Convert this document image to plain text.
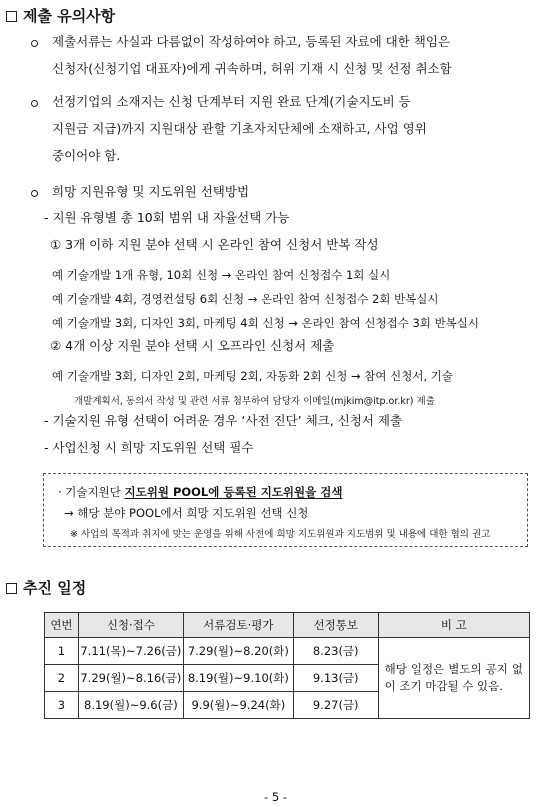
제출 유의사항
제출서류는 사실과 다름없이 작성하여야 하고, 등록된 자료에 대한 책임은
신청자(신청기업 대표자)에게 귀속하며, 허위 기재 시 신청 및 선정 취소함
선정기업의 소재지는 신청 단계부터 지원 완료 단계(기술지도비 등
지원금 지급)까지 지원대상 관할 기초자치단체에 소재하고, 사업 영위
중이어야 함.
희망 지원유형 및 지도위원 선택방법
- 지원 유형별 총 10회 범위 내 자율선택 가능
① 3개 이하 지원 분야 선택 시 온라인 참여 신청서 반복 작성
예 기술개발 1개 유형, 10회 신청 → 온라인 참여 신청접수 1회 실시
예 기술개발 4회, 경영컨설팅 6회 신청 → 온라인 참여 신청접수 2회 반복실시
예 기술개발 3회, 디자인 3회, 마케팅 4회 신청 → 온라인 참여 신청접수 3회 반복실시
② 4개 이상 지원 분야 선택 시 오프라인 신청서 제출
예 기술개발 3회, 디자인 2회, 마케팅 2회, 자동화 2회 신청 → 참여 신청서, 기술
개발계획서, 동의서 작성 및 관련 서류 첨부하여 담당자 이메일(mjkim@itp.or.kr) 제출
- 기술지원 유형 선택이 어려운 경우 ‘사전 진단’ 체크, 신청서 제출
- 사업신청 시 희망 지도위원 선택 필수
· 기술지원단 지도위원 POOL에 등록된 지도위원을 검색
→ 해당 분야 POOL에서 희망 지도위원 선택 신청
※ 사업의 목적과 취지에 맞는 운영을 위해 사전에 희망 지도위원과 지도범위 및 내용에 대한 협의 권고
추진 일정
연번	신청·접수	서류검토·평가	선정통보	비 고
1	7.11(목)~7.26(금)	7.29(월)~8.20(화)	8.23(금)	해당 일정은 별도의 공지 없이 조기 마감될 수 있음.
2	7.29(월)~8.16(금)	8.19(월)~9.10(화)	9.13(금)	
3	8.19(월)~9.6(금)	9.9(월)~9.24(화)	9.27(금)	
- 5 -
